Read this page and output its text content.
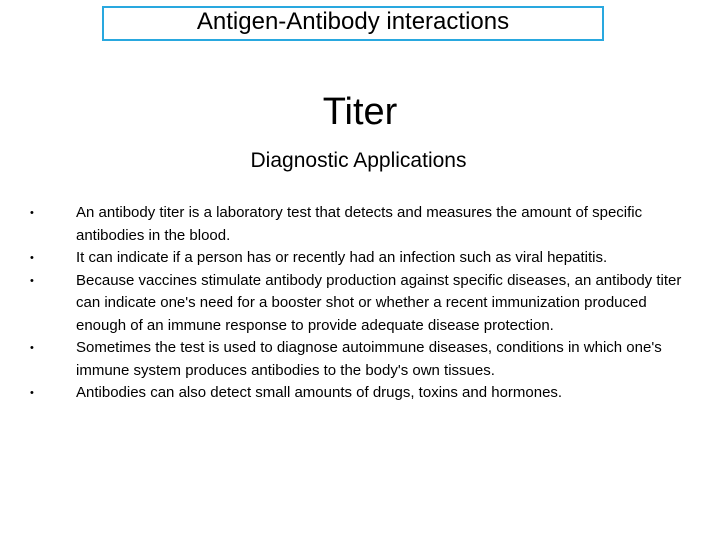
Antigen-Antibody interactions
Titer
Diagnostic Applications
•	An antibody titer is a laboratory test that detects and measures the amount of specific antibodies in the blood.
•	It can indicate if a person has or recently had an infection such as viral hepatitis.
•	Because vaccines stimulate antibody production against specific diseases, an antibody titer can indicate one's need for a booster shot or whether a recent immunization produced enough of an immune response to provide adequate disease protection.
•	Sometimes the test is used to diagnose autoimmune diseases, conditions in which one's immune system produces antibodies to the body's own tissues.
•	Antibodies can also detect small amounts of drugs, toxins and hormones.
